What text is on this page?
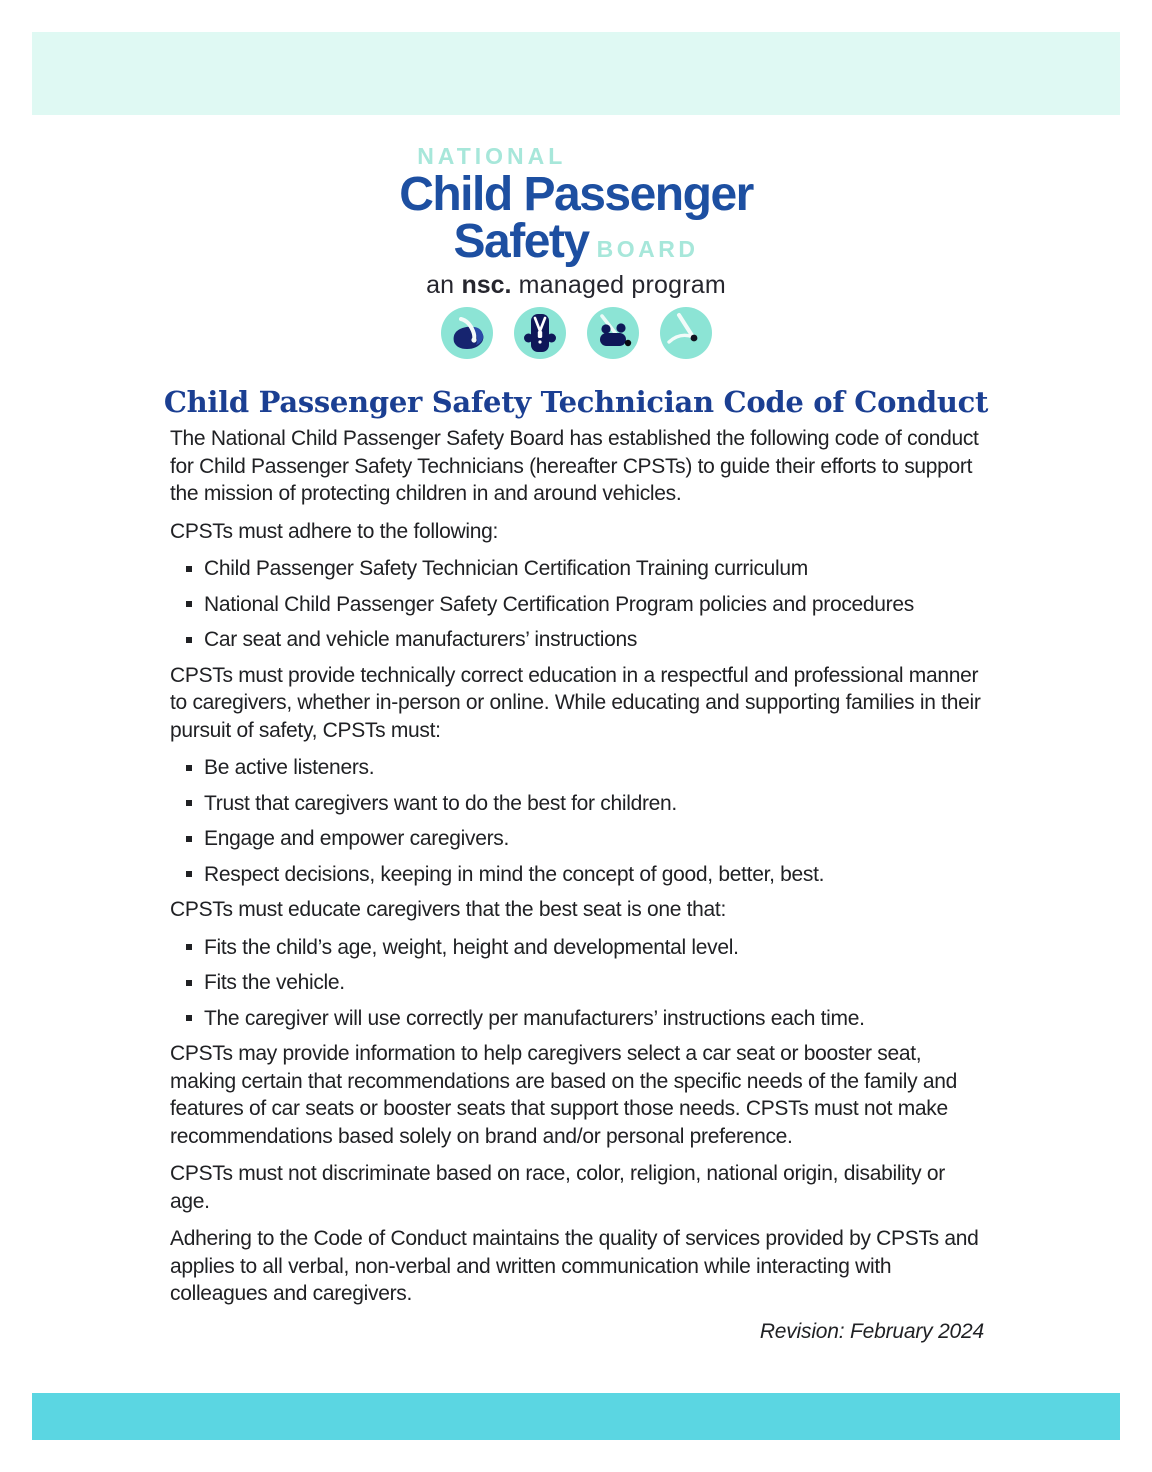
NATIONAL
Child Passenger
Safety BOARD
an nsc. managed program
Child Passenger Safety Technician Code of Conduct

The National Child Passenger Safety Board has established the following code of conduct for Child Passenger Safety Technicians (hereafter CPSTs) to guide their efforts to support the mission of protecting children in and around vehicles.

CPSTs must adhere to the following:

Child Passenger Safety Technician Certification Training curriculum
National Child Passenger Safety Certification Program policies and procedures
Car seat and vehicle manufacturers’ instructions

CPSTs must provide technically correct education in a respectful and professional manner to caregivers, whether in-person or online. While educating and supporting families in their pursuit of safety, CPSTs must:

Be active listeners.
Trust that caregivers want to do the best for children.
Engage and empower caregivers.
Respect decisions, keeping in mind the concept of good, better, best.

CPSTs must educate caregivers that the best seat is one that:

Fits the child’s age, weight, height and developmental level.
Fits the vehicle.
The caregiver will use correctly per manufacturers’ instructions each time.

CPSTs may provide information to help caregivers select a car seat or booster seat, making certain that recommendations are based on the specific needs of the family and features of car seats or booster seats that support those needs. CPSTs must not make recommendations based solely on brand and/or personal preference.

CPSTs must not discriminate based on race, color, religion, national origin, disability or age.

Adhering to the Code of Conduct maintains the quality of services provided by CPSTs and applies to all verbal, non-verbal and written communication while interacting with colleagues and caregivers.

Revision: February 2024
